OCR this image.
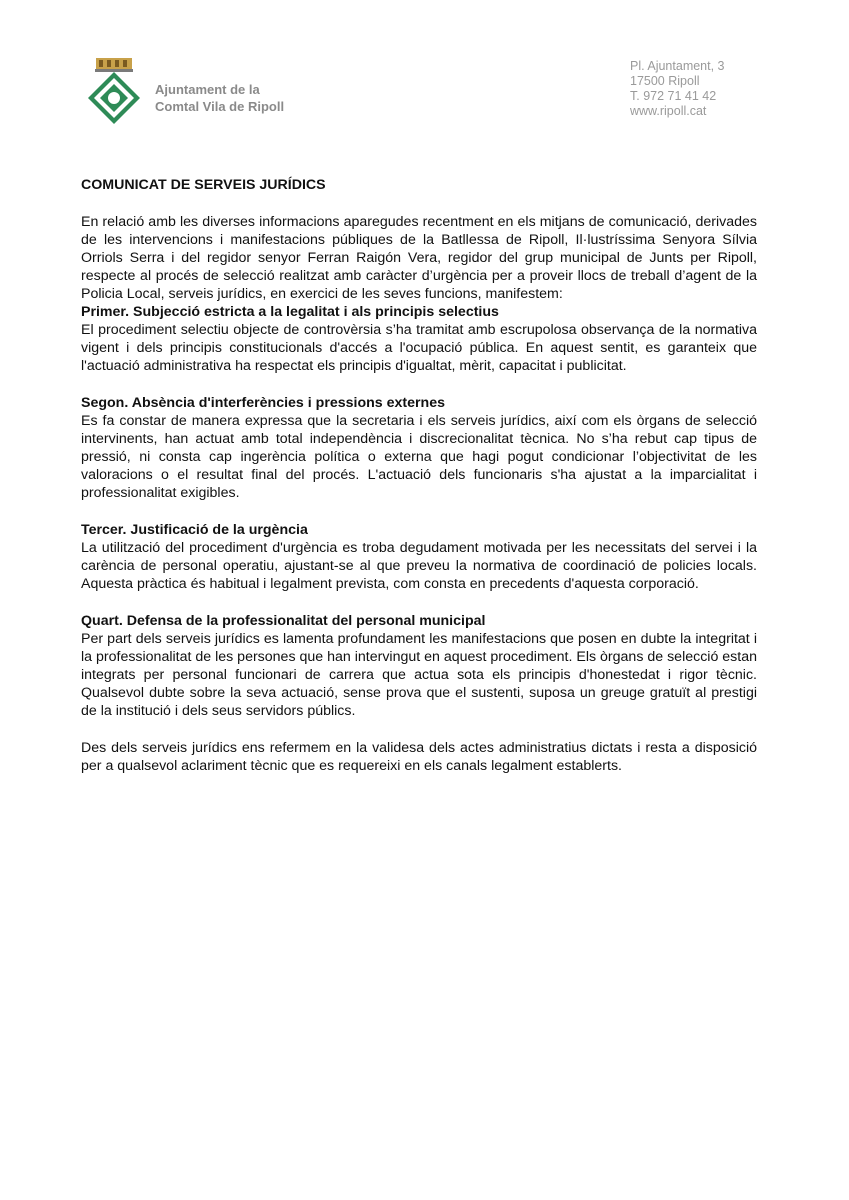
Ajuntament de la
Comtal Vila de Ripoll
Pl. Ajuntament, 3
17500 Ripoll
T. 972 71 41 42
www.ripoll.cat
COMUNICAT DE SERVEIS JURÍDICS

En relació amb les diverses informacions aparegudes recentment en els mitjans de comunicació, derivades de les intervencions i manifestacions públiques de la Batllessa de Ripoll, Il·lustríssima Senyora Sílvia Orriols Serra i del regidor senyor Ferran Raigón Vera, regidor del grup municipal de Junts per Ripoll, respecte al procés de selecció realitzat amb caràcter d’urgència per a proveir llocs de treball d’agent de la Policia Local, serveis jurídics, en exercici de les seves funcions, manifestem:

Primer. Subjecció estricta a la legalitat i als principis selectius

El procediment selectiu objecte de controvèrsia s’ha tramitat amb escrupolosa observança de la normativa vigent i dels principis constitucionals d'accés a l'ocupació pública. En aquest sentit, es garanteix que l'actuació administrativa ha respectat els principis d'igualtat, mèrit, capacitat i publicitat.

Segon. Absència d'interferències i pressions externes

Es fa constar de manera expressa que la secretaria i els serveis jurídics, així com els òrgans de selecció intervinents, han actuat amb total independència i discrecionalitat tècnica. No s’ha rebut cap tipus de pressió, ni consta cap ingerència política o externa que hagi pogut condicionar l’objectivitat de les valoracions o el resultat final del procés. L'actuació dels funcionaris s'ha ajustat a la imparcialitat i professionalitat exigibles.

Tercer. Justificació de la urgència

La utilització del procediment d'urgència es troba degudament motivada per les necessitats del servei i la carència de personal operatiu, ajustant-se al que preveu la normativa de coordinació de policies locals. Aquesta pràctica és habitual i legalment prevista, com consta en precedents d'aquesta corporació.

Quart. Defensa de la professionalitat del personal municipal

Per part dels serveis jurídics es lamenta profundament les manifestacions que posen en dubte la integritat i la professionalitat de les persones que han intervingut en aquest procediment. Els òrgans de selecció estan integrats per personal funcionari de carrera que actua sota els principis d'honestedat i rigor tècnic. Qualsevol dubte sobre la seva actuació, sense prova que el sustenti, suposa un greuge gratuït al prestigi de la institució i dels seus servidors públics.

Des dels serveis jurídics ens refermem en la validesa dels actes administratius dictats i resta a disposició per a qualsevol aclariment tècnic que es requereixi en els canals legalment establerts.
